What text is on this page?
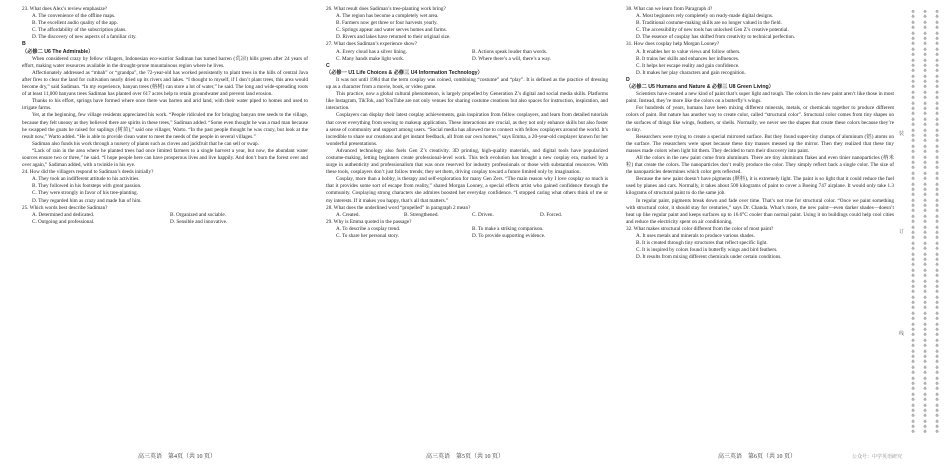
23. What does Alex’s review emphasize?

A. The convenience of the offline maps.

B. The excellent audio quality of the app.

C. The affordability of the subscription plans.

D. The discovery of new aspects of a familiar city.

B

（必修二 U6 The Admirable）

When considered crazy by fellow villagers, Indonesian eco-warrior Sadiman has turned barren (荒凉) hills green after 24 years of effort, making water resources available in the drought-prone mountainous region where he lives.

Affectionately addressed as “mbah” or “grandpa”, the 72-year-old has worked persistently to plant trees in the hills of central Java after fires to clear the land for cultivation nearly dried up its rivers and lakes. “I thought to myself, if I don’t plant trees, this area would become dry,” said Sadiman. “In my experience, banyan trees (榕树) can store a lot of water,” he said. The long and wide-spreading roots of at least 11,000 banyans trees Sadiman has planted over 617 acres help to retain groundwater and prevent land erosion.

Thanks to his effort, springs have formed where once there was barren and arid land, with their water piped to homes and used to irrigate farms.

Yet, at the beginning, few village residents appreciated his work. “People ridiculed me for bringing banyan tree seeds to the village, because they felt uneasy as they believed there are spirits in these trees,” Sadiman added. “Some even thought he was a mad man because he swapped the goats he raised for saplings (树苗),” said one villager, Warto. “In the past people thought he was crazy, but look at the result now,” Warto added. “He is able to provide clean water to meet the needs of the people in several villages.”

Sadiman also funds his work through a nursery of plants such as cloves and jackfruit that he can sell or swap.

“Lack of rain in the area where he planted trees had once limited farmers to a single harvest a year, but now, the abundant water sources ensure two or three,” he said. “I hope people here can have prosperous lives and live happily. And don’t burn the forest over and over again,” Sadiman added, with a twinkle in his eye.

24. How did the villagers respond to Sadiman’s deeds initially?

A. They took an indifferent attitude to his activities.

B. They followed in his footsteps with great passion.

C. They were strongly in favor of his tree-planting.

D. They regarded him as crazy and made fun of him.

25. Which words best describe Sadiman?

A. Determined and dedicated.	B. Organized and sociable.
C. Outgoing and professional.	D. Sensible and innovative.

26. What result does Sadiman’s tree-planting work bring?

A. The region has become a completely wet area.

B. Farmers now get three or four harvests yearly.

C. Springs appear and water serves homes and farms.

D. Rivers and lakes have returned to their original size.

27. What does Sadiman’s experience show?

A. Every cloud has a silver lining.	B. Actions speak louder than words.
C. Many hands make light work.	D. Where there’s a will, there’s a way.

C

（必修一 U1 Life Choices & 必修三 U4 Information Technology）

It was not until 1984 that the term cosplay was coined, combining “costume” and “play”. It is defined as the practice of dressing up as a character from a movie, book, or video game.

This practice, now a global cultural phenomenon, is largely propelled by Generation Z’s digital and social media skills. Platforms like Instagram, TikTok, and YouTube are not only venues for sharing costume creations but also spaces for instruction, inspiration, and interaction.

Cosplayers can display their latest cosplay achievements, gain inspiration from fellow cosplayers, and learn from detailed tutorials that cover everything from sewing to makeup application. These interactions are crucial, as they not only enhance skills but also foster a sense of community and support among users. “Social media has allowed me to connect with fellow cosplayers around the world. It’s incredible to share our creations and get instant feedback, all from our own homes,” says Emma, a 20-year-old cosplayer known for her wonderful presentations.

Advanced technology also fuels Gen Z’s creativity. 3D printing, high-quality materials, and digital tools have popularized costume-making, letting beginners create professional-level work. This tech evolution has brought a new cosplay era, marked by a surge in authenticity and professionalism that was once reserved for industry professionals or those with substantial resources. With these tools, cosplayers don’t just follow trends; they set them, driving cosplay toward a future limited only by imagination.

Cosplay, more than a hobby, is therapy and self-exploration for many Gen Zers. “The main reason why I love cosplay so much is that it provides some sort of escape from reality,” shared Morgan Looney, a special effects artist who gained confidence through the community. Cosplaying strong characters she admires boosted her everyday confidence. “I stopped caring what others think of me or my interests. If it makes you happy, that’s all that matters.”

28. What does the underlined word “propelled” in paragraph 2 mean?

A. Created.	B. Strengthened.	C. Driven.	D. Forced.

29. Why is Emma quoted in the passage?

A. To describe a cosplay trend.	B. To make a striking comparison.
C. To share her personal story.	D. To provide supporting evidence.

30. What can we learn from Paragraph 4?

A. Most beginners rely completely on ready-made digital designs.

B. Traditional costume-making skills are no longer valued in the field.

C. The accessibility of new tools has unlocked Gen Z’s creative potential.

D. The essence of cosplay has shifted from creativity to technical perfection.

31. How does cosplay help Morgan Looney?

A. It enables her to value views and follow others.

B. It trains her skills and enhances her influences.

C. It helps her escape reality and gain confidence.

D. It makes her play characters and gain recognition.

D

（必修二 U5 Humans and Nature & 必修三 U8 Green Living）

Scientists have created a new kind of paint that’s super light and tough. The colors in the new paint aren’t like those in most paint. Instead, they’re more like the colors on a butterfly’s wings.

For hundreds of years, humans have been mixing different minerals, metals, or chemicals together to produce different colors of paint. But nature has another way to create color, called “structural color”. Structural color comes from tiny shapes on the surfaces of things like wings, feathers, or shells. Normally, we never see the shapes that create these colors because they’re so tiny.

Researchers were trying to create a special mirrored surface. But they found super-tiny clumps of aluminum (铝) atoms on the surface. The researchers were upset because these tiny masses messed up the mirror. Then they realized that these tiny masses made colors when light hit them. They decided to turn their discovery into paint.

All the colors in the new paint come from aluminum. There are tiny aluminum flakes and even tinier nanoparticles (纳米粒) that create the colors. The nanoparticles don’t really produce the color. They simply reflect back a single color. The size of the nanoparticles determines which color gets reflected.

Because the new paint doesn’t have pigments (颜料), it is extremely light. The paint is so light that it could reduce the fuel used by planes and cars. Normally, it takes about 500 kilograms of paint to cover a Boeing 747 airplane. It would only take 1.3 kilograms of structural paint to do the same job.

In regular paint, pigments break down and fade over time. That’s not true for structural color. “Once we paint something with structural color, it should stay for centuries,” says Dr. Chanda. What’s more, the new paint—even darker shades—doesn’t heat up like regular paint and keeps surfaces up to 16.6°C cooler than normal paint. Using it on buildings could help cool cities and reduce the electricity spent on air conditioning.

32. What makes structural color different from the color of most paint?

A. It uses metals and minerals to produce various shades.

B. It is created through tiny structures that reflect specific light.

C. It is inspired by colors found in butterfly wings and bird feathers.

D. It results from mixing different chemicals under certain conditions.

高三英语　第4页（共 10 页）	高三英语　第5页（共 10 页）	高三英语　第6页（共 10 页）
※	※	※
※	※	※
※	※	※
※	※	※
※	※	※
※	※	※
※	※	※
※	※	※
※	※	※
※	※	※
※	※	※
※	※	※
※	※	※
※	※	※
※	※	※
※	※	※
※	※	※
※	※	※
※	※	※
※	※	※
※	※	※
※	※	※
※	※	※
※	※	※
※	※	※
※	※	※
※	※	※
※	※	※
※	※	※
※	※	※
※	※	※
※	※	※
※	※	※
※	※	※
※	※	※
※	※	※
※	※	※
※	※	※
※	※	※
※	※	※
※	※	※
※	※	※
※	※	※
※	※	※
※	※	※
※	※	※
※	※	※
※	※	※
※	※	※
※	※	※
※	※	※
※	※	※
※	※	※
※	※	※
※	※	※
※	※	※
※	※	※
※	※	※
※	※	※
※	※	※
※	※	※
※	※	※
※	※	※
※	※	※
※	※	※
※	※	※
※	※	※
※	※	※
※	※	※
※	※	※
※	※	※
※	※	※
※	※	※
※	※	※
※	※	※
※	※	※
※	※	※
※	※	※
※	※	※
装
订
线
公众号：中学英语研究
